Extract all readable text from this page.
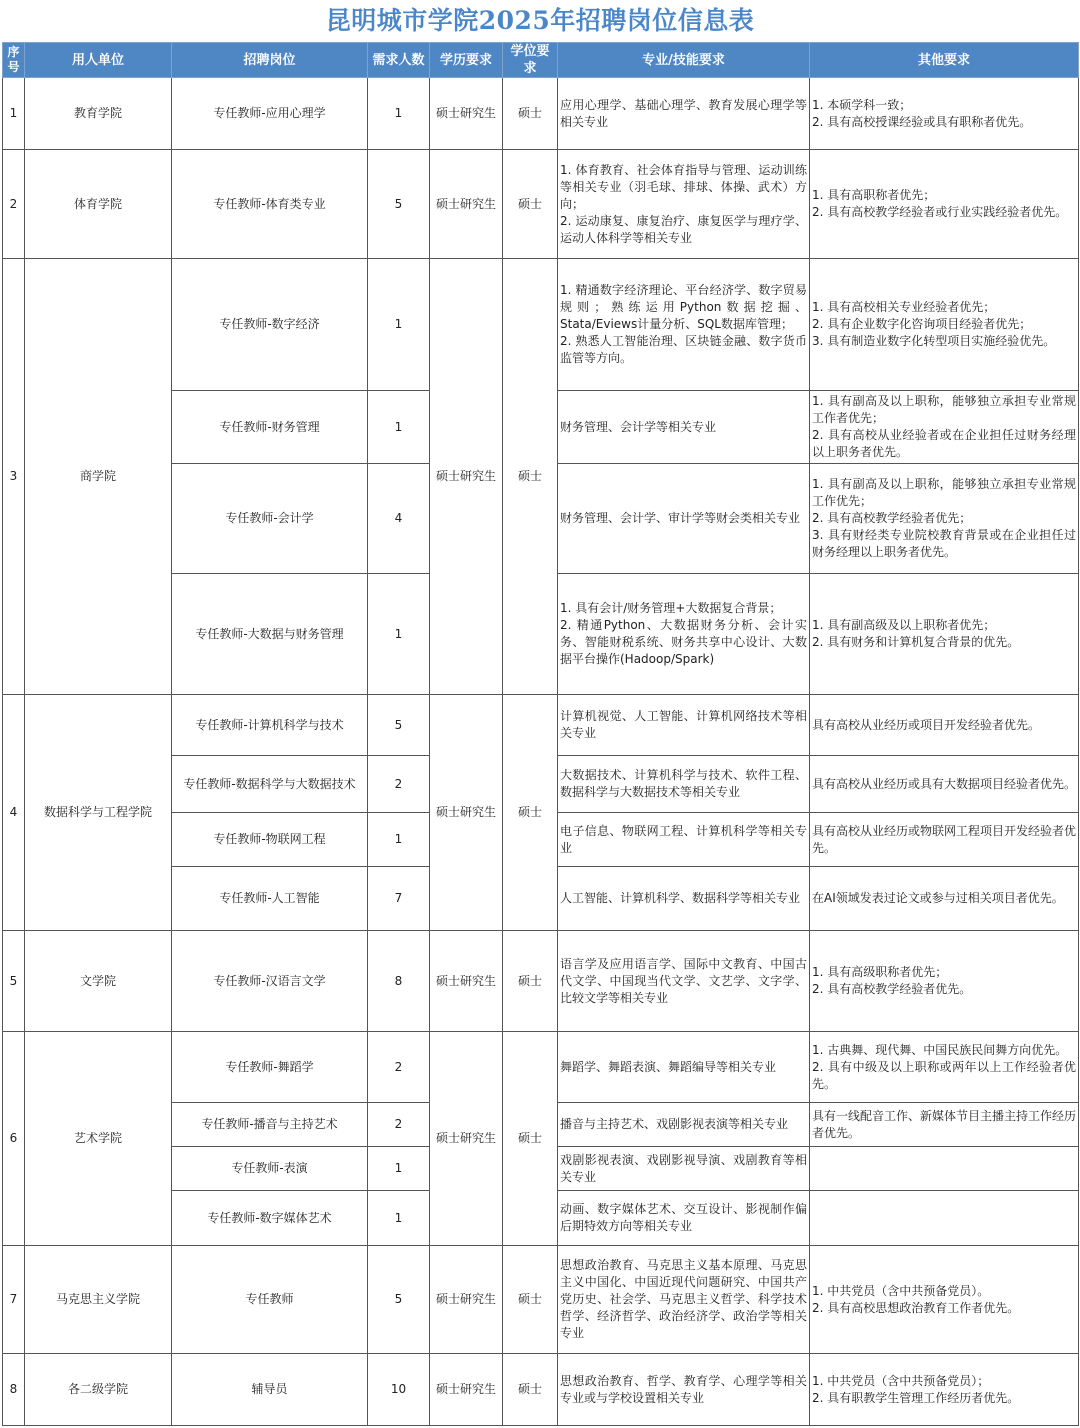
昆明城市学院2025年招聘岗位信息表
序号	用人单位	招聘岗位	需求人数	学历要求	学位要求	专业/技能要求	其他要求
1	教育学院	专任教师-应用心理学	1	硕士研究生	硕士	应用心理学、基础心理学、教育发展心理学等相关专业	1. 本硕学科一致；
2. 具有高校授课经验或具有职称者优先。
2	体育学院	专任教师-体育类专业	5	硕士研究生	硕士	1. 体育教育、社会体育指导与管理、运动训练等相关专业（羽毛球、排球、体操、武术）方向；
2. 运动康复、康复治疗、康复医学与理疗学、运动人体科学等相关专业	1. 具有高职称者优先；
2. 具有高校教学经验者或行业实践经验者优先。
3	商学院	专任教师-数字经济	1	硕士研究生	硕士	1. 精通数字经济理论、平台经济学、数字贸易规则；熟练运用Python数据挖掘、Stata/Eviews计量分析、SQL数据库管理；
2. 熟悉人工智能治理、区块链金融、数字货币监管等方向。	1. 具有高校相关专业经验者优先；
2. 具有企业数字化咨询项目经验者优先；
3. 具有制造业数字化转型项目实施经验优先。
		专任教师-财务管理	1			财务管理、会计学等相关专业	1. 具有副高及以上职称，能够独立承担专业常规工作者优先；
2. 具有高校从业经验者或在企业担任过财务经理以上职务者优先。
		专任教师-会计学	4			财务管理、会计学、审计学等财会类相关专业	1. 具有副高及以上职称，能够独立承担专业常规工作优先；
2. 具有高校教学经验者优先；
3. 具有财经类专业院校教育背景或在企业担任过财务经理以上职务者优先。
		专任教师-大数据与财务管理	1			1. 具有会计/财务管理+大数据复合背景；
2. 精通Python、大数据财务分析、会计实务、智能财税系统、财务共享中心设计、大数据平台操作(Hadoop/Spark)	1. 具有副高级及以上职称者优先；
2. 具有财务和计算机复合背景的优先。
4	数据科学与工程学院	专任教师-计算机科学与技术	5	硕士研究生	硕士	计算机视觉、人工智能、计算机网络技术等相关专业	具有高校从业经历或项目开发经验者优先。
		专任教师-数据科学与大数据技术	2			大数据技术、计算机科学与技术、软件工程、数据科学与大数据技术等相关专业	具有高校从业经历或具有大数据项目经验者优先。
		专任教师-物联网工程	1			电子信息、物联网工程、计算机科学等相关专业	具有高校从业经历或物联网工程项目开发经验者优先。
		专任教师-人工智能	7			人工智能、计算机科学、数据科学等相关专业	在AI领域发表过论文或参与过相关项目者优先。
5	文学院	专任教师-汉语言文学	8	硕士研究生	硕士	语言学及应用语言学、国际中文教育、中国古代文学、中国现当代文学、文艺学、文字学、比较文学等相关专业	1. 具有高级职称者优先；
2. 具有高校教学经验者优先。
6	艺术学院	专任教师-舞蹈学	2	硕士研究生	硕士	舞蹈学、舞蹈表演、舞蹈编导等相关专业	1. 古典舞、现代舞、中国民族民间舞方向优先。
2. 具有中级及以上职称或两年以上工作经验者优先。
		专任教师-播音与主持艺术	2			播音与主持艺术、戏剧影视表演等相关专业	具有一线配音工作、新媒体节目主播主持工作经历者优先。
		专任教师-表演	1			戏剧影视表演、戏剧影视导演、戏剧教育等相关专业	
		专任教师-数字媒体艺术	1			动画、数字媒体艺术、交互设计、影视制作偏后期特效方向等相关专业	
7	马克思主义学院	专任教师	5	硕士研究生	硕士	思想政治教育、马克思主义基本原理、马克思主义中国化、中国近现代问题研究、中国共产党历史、社会学、马克思主义哲学、科学技术哲学、经济哲学、政治经济学、政治学等相关专业	1. 中共党员（含中共预备党员）。
2. 具有高校思想政治教育工作者优先。
8	各二级学院	辅导员	10	硕士研究生	硕士	思想政治教育、哲学、教育学、心理学等相关专业或与学校设置相关专业	1. 中共党员（含中共预备党员）；
2. 具有职教学生管理工作经历者优先。
